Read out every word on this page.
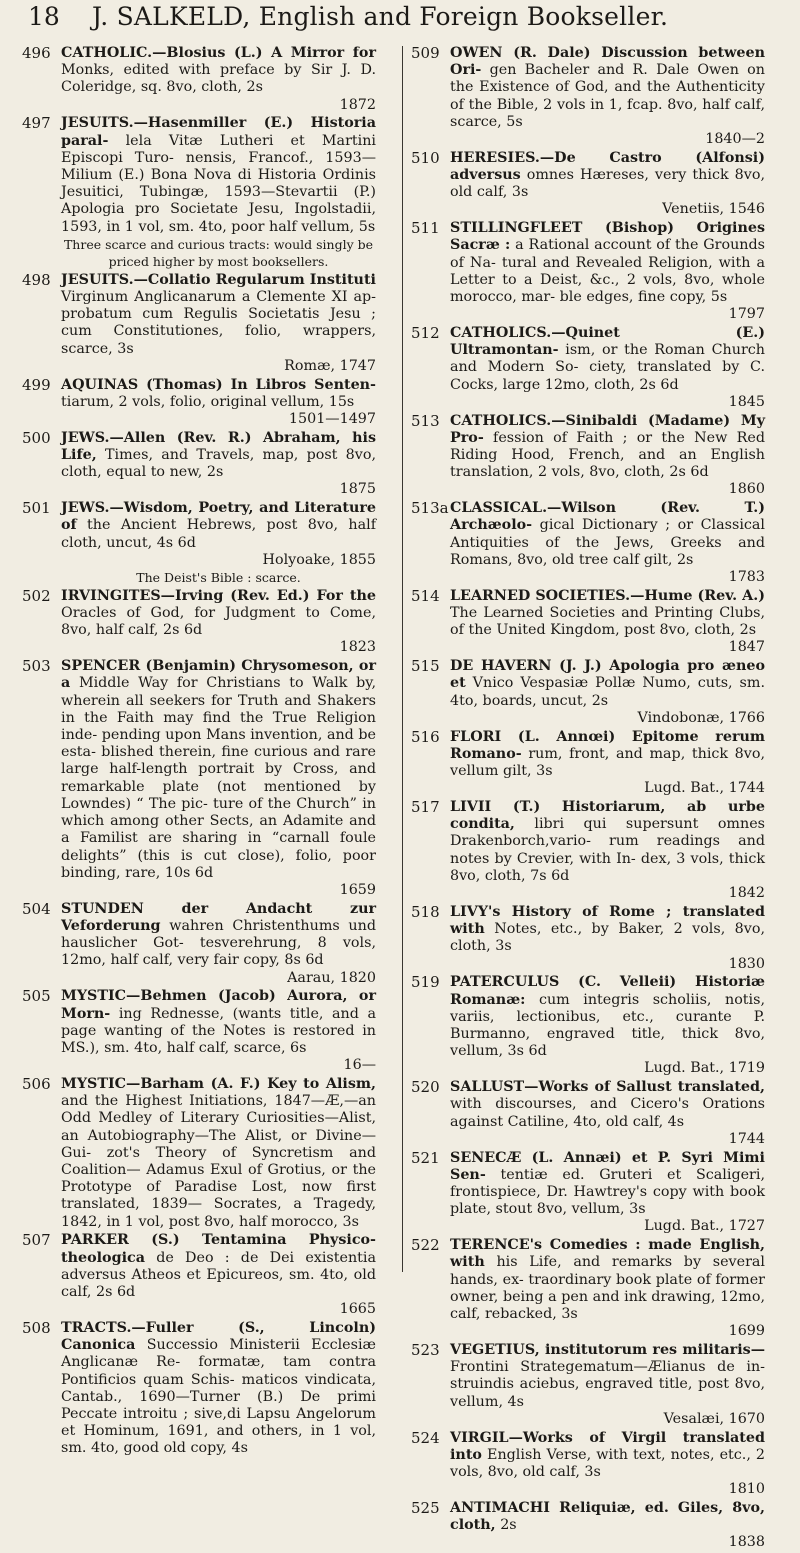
18	J. SALKELD, English and Foreign Bookseller.
496 CATHOLIC.—Blosius (L.) A Mirror for Monks, edited with preface by Sir J. D. Coleridge, sq. 8vo, cloth, 2s
1872
497 JESUITS.—Hasenmiller (E.) Historia paral- lela Vitæ Lutheri et Martini Episcopi Turo- nensis, Francof., 1593—Milium (E.) Bona Nova di Historia Ordinis Jesuitici, Tubingæ, 1593—Stevartii (P.) Apologia pro Societate Jesu, Ingolstadii, 1593, in 1 vol, sm. 4to, poor half vellum, 5s
Three scarce and curious tracts: would singly be priced higher by most booksellers.
498 JESUITS.—Collatio Regularum Instituti Virginum Anglicanarum a Clemente XI ap- probatum cum Regulis Societatis Jesu ; cum Constitutiones, folio, wrappers, scarce, 3s
Romæ, 1747
499 AQUINAS (Thomas) In Libros Senten- tiarum, 2 vols, folio, original vellum, 15s
1501—1497
500 JEWS.—Allen (Rev. R.) Abraham, his Life, Times, and Travels, map, post 8vo, cloth, equal to new, 2s
1875
501 JEWS.—Wisdom, Poetry, and Literature of the Ancient Hebrews, post 8vo, half cloth, uncut, 4s 6d
Holyoake, 1855
The Deist's Bible : scarce.
502 IRVINGITES—Irving (Rev. Ed.) For the Oracles of God, for Judgment to Come, 8vo, half calf, 2s 6d
1823
503 SPENCER (Benjamin) Chrysomeson, or a Middle Way for Christians to Walk by, wherein all seekers for Truth and Shakers in the Faith may find the True Religion inde- pending upon Mans invention, and be esta- blished therein, fine curious and rare large half-length portrait by Cross, and remarkable plate (not mentioned by Lowndes) “ The pic- ture of the Church” in which among other Sects, an Adamite and a Familist are sharing in “carnall foule delights” (this is cut close), folio, poor binding, rare, 10s 6d
1659
504 STUNDEN der Andacht zur Veforderung wahren Christenthums und hauslicher Got- tesverehrung, 8 vols, 12mo, half calf, very fair copy, 8s 6d
Aarau, 1820
505 MYSTIC—Behmen (Jacob) Aurora, or Morn- ing Rednesse, (wants title, and a page wanting of the Notes is restored in MS.), sm. 4to, half calf, scarce, 6s
16—
506 MYSTIC—Barham (A. F.) Key to Alism, and the Highest Initiations, 1847—Æ,—an Odd Medley of Literary Curiosities—Alist, an Autobiography—The Alist, or Divine—Gui- zot's Theory of Syncretism and Coalition— Adamus Exul of Grotius, or the Prototype of Paradise Lost, now first translated, 1839— Socrates, a Tragedy, 1842, in 1 vol, post 8vo, half morocco, 3s
507 PARKER (S.) Tentamina Physico-theologica de Deo : de Dei existentia adversus Atheos et Epicureos, sm. 4to, old calf, 2s 6d
1665
508 TRACTS.—Fuller (S., Lincoln) Canonica Successio Ministerii Ecclesiæ Anglicanæ Re- formatæ, tam contra Pontificios quam Schis- maticos vindicata, Cantab., 1690—Turner (B.) De primi Peccate introitu ; sive,di Lapsu Angelorum et Hominum, 1691, and others, in 1 vol, sm. 4to, good old copy, 4s
509 OWEN (R. Dale) Discussion between Ori- gen Bacheler and R. Dale Owen on the Existence of God, and the Authenticity of the Bible, 2 vols in 1, fcap. 8vo, half calf, scarce, 5s
1840—2
510 HERESIES.—De Castro (Alfonsi) adversus omnes Hæreses, very thick 8vo, old calf, 3s
Venetiis, 1546
511 STILLINGFLEET (Bishop) Origines Sacræ : a Rational account of the Grounds of Na- tural and Revealed Religion, with a Letter to a Deist, &c., 2 vols, 8vo, whole morocco, mar- ble edges, fine copy, 5s
1797
512 CATHOLICS.—Quinet (E.) Ultramontan- ism, or the Roman Church and Modern So- ciety, translated by C. Cocks, large 12mo, cloth, 2s 6d
1845
513 CATHOLICS.—Sinibaldi (Madame) My Pro- fession of Faith ; or the New Red Riding Hood, French, and an English translation, 2 vols, 8vo, cloth, 2s 6d
1860
513a CLASSICAL.—Wilson (Rev. T.) Archæolo- gical Dictionary ; or Classical Antiquities of the Jews, Greeks and Romans, 8vo, old tree calf gilt, 2s
1783
514 LEARNED SOCIETIES.—Hume (Rev. A.) The Learned Societies and Printing Clubs, of the United Kingdom, post 8vo, cloth, 2s
1847
515 DE HAVERN (J. J.) Apologia pro æneo et Vnico Vespasiæ Pollæ Numo, cuts, sm. 4to, boards, uncut, 2s
Vindobonæ, 1766
516 FLORI (L. Annœi) Epitome rerum Romano- rum, front, and map, thick 8vo, vellum gilt, 3s
Lugd. Bat., 1744
517 LIVII (T.) Historiarum, ab urbe condita, libri qui supersunt omnes Drakenborch,vario- rum readings and notes by Crevier, with In- dex, 3 vols, thick 8vo, cloth, 7s 6d
1842
518 LIVY's History of Rome ; translated with Notes, etc., by Baker, 2 vols, 8vo, cloth, 3s
1830
519 PATERCULUS (C. Velleii) Historiæ Romanæ: cum integris scholiis, notis, variis, lectionibus, etc., curante P. Burmanno, engraved title, thick 8vo, vellum, 3s 6d
Lugd. Bat., 1719
520 SALLUST—Works of Sallust translated, with discourses, and Cicero's Orations against Catiline, 4to, old calf, 4s
1744
521 SENECÆ (L. Annæi) et P. Syri Mimi Sen- tentiæ ed. Gruteri et Scaligeri, frontispiece, Dr. Hawtrey's copy with book plate, stout 8vo, vellum, 3s
Lugd. Bat., 1727
522 TERENCE's Comedies : made English, with his Life, and remarks by several hands, ex- traordinary book plate of former owner, being a pen and ink drawing, 12mo, calf, rebacked, 3s
1699
523 VEGETIUS, institutorum res militaris— Frontini Strategematum—Ælianus de in- struindis aciebus, engraved title, post 8vo, vellum, 4s
Vesalæi, 1670
524 VIRGIL—Works of Virgil translated into English Verse, with text, notes, etc., 2 vols, 8vo, old calf, 3s
1810
525 ANTIMACHI Reliquiæ, ed. Giles, 8vo, cloth, 2s
1838
